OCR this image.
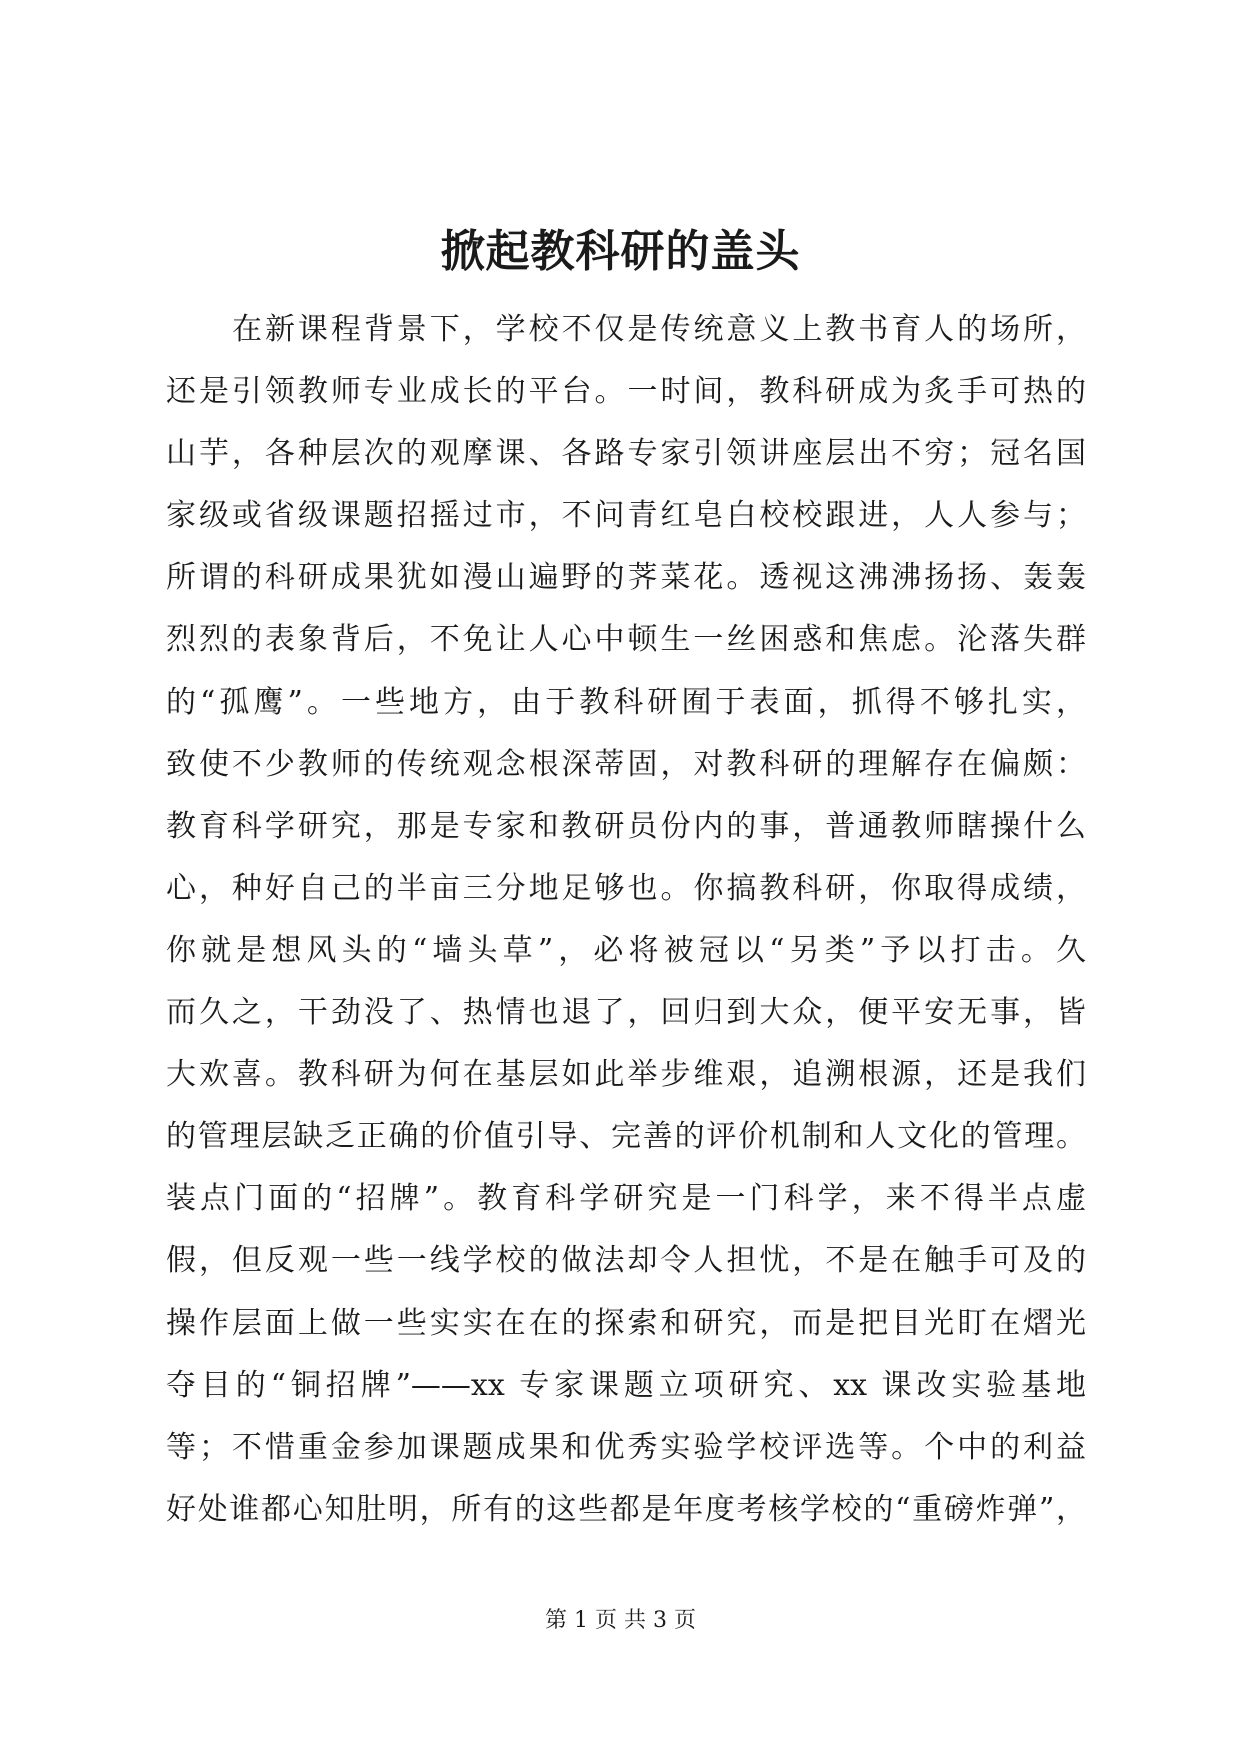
掀起教科研的盖头
在新课程背景下，学校不仅是传统意义上教书育人的场所，
还是引领教师专业成长的平台。一时间，教科研成为炙手可热的
山芋，各种层次的观摩课、各路专家引领讲座层出不穷；冠名国
家级或省级课题招摇过市，不问青红皂白校校跟进，人人参与；
所谓的科研成果犹如漫山遍野的荠菜花。透视这沸沸扬扬、轰轰
烈烈的表象背后，不免让人心中顿生一丝困惑和焦虑。沦落失群
的“孤鹰”。一些地方，由于教科研囿于表面，抓得不够扎实，
致使不少教师的传统观念根深蒂固，对教科研的理解存在偏颇：
教育科学研究，那是专家和教研员份内的事，普通教师瞎操什么
心，种好自己的半亩三分地足够也。你搞教科研，你取得成绩，
你就是想风头的“墙头草”，必将被冠以“另类”予以打击。久
而久之，干劲没了、热情也退了，回归到大众，便平安无事，皆
大欢喜。教科研为何在基层如此举步维艰，追溯根源，还是我们
的管理层缺乏正确的价值引导、完善的评价机制和人文化的管理。
装点门面的“招牌”。教育科学研究是一门科学，来不得半点虚
假，但反观一些一线学校的做法却令人担忧，不是在触手可及的
操作层面上做一些实实在在的探索和研究，而是把目光盯在熠光
夺目的“铜招牌”——xx 专家课题立项研究、xx 课改实验基地
等；不惜重金参加课题成果和优秀实验学校评选等。个中的利益
好处谁都心知肚明，所有的这些都是年度考核学校的“重磅炸弹”，
第 1 页 共 3 页
